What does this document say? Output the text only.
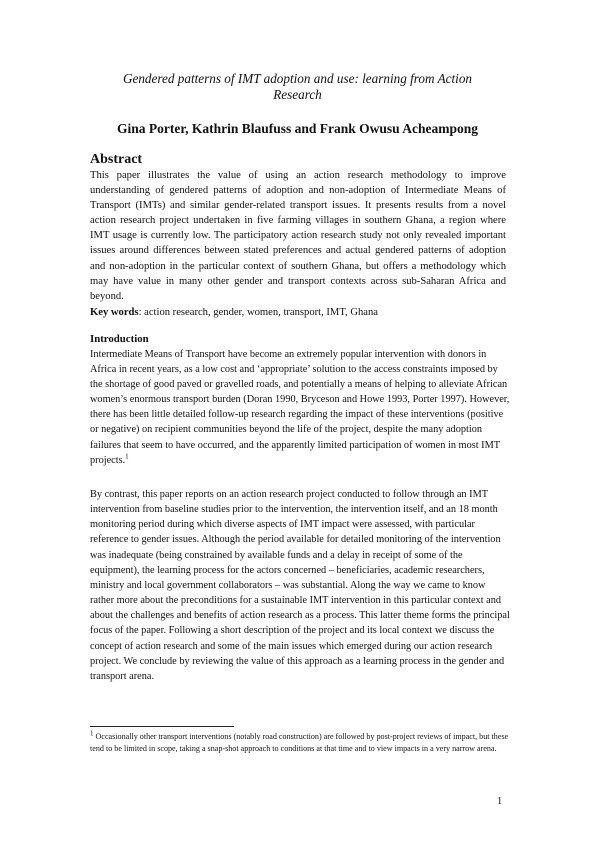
Gendered patterns of IMT adoption and use: learning from Action Research
Gina Porter, Kathrin Blaufuss and Frank Owusu Acheampong
Abstract
This paper illustrates the value of using an action research methodology to improve understanding of gendered patterns of adoption and non-adoption of Intermediate Means of Transport (IMTs) and similar gender-related transport issues. It presents results from a novel action research project undertaken in five farming villages in southern Ghana, a region where IMT usage is currently low. The participatory action research study not only revealed important issues around differences between stated preferences and actual gendered patterns of adoption and non-adoption in the particular context of southern Ghana, but offers a methodology which may have value in many other gender and transport contexts across sub-Saharan Africa and beyond.
Key words: action research, gender, women, transport, IMT, Ghana
Introduction
Intermediate Means of Transport have become an extremely popular intervention with donors in Africa in recent years, as a low cost and ‘appropriate’ solution to the access constraints imposed by the shortage of good paved or gravelled roads, and potentially a means of helping to alleviate African women’s enormous transport burden (Doran 1990, Bryceson and Howe 1993, Porter 1997). However, there has been little detailed follow-up research regarding the impact of these interventions (positive or negative) on recipient communities beyond the life of the project, despite the many adoption failures that seem to have occurred, and the apparently limited participation of women in most IMT projects.$^1$
By contrast, this paper reports on an action research project conducted to follow through an IMT intervention from baseline studies prior to the intervention, the intervention itself, and an 18 month monitoring period during which diverse aspects of IMT impact were assessed, with particular reference to gender issues. Although the period available for detailed monitoring of the intervention was inadequate (being constrained by available funds and a delay in receipt of some of the equipment), the learning process for the actors concerned – beneficiaries, academic researchers, ministry and local government collaborators – was substantial. Along the way we came to know rather more about the preconditions for a sustainable IMT intervention in this particular context and about the challenges and benefits of action research as a process. This latter theme forms the principal focus of the paper. Following a short description of the project and its local context we discuss the concept of action research and some of the main issues which emerged during our action research project. We conclude by reviewing the value of this approach as a learning process in the gender and transport arena.
$^1$ Occasionally other transport interventions (notably road construction) are followed by post-project reviews of impact, but these tend to be limited in scope, taking a snap-shot approach to conditions at that time and to view impacts in a very narrow arena.
1
